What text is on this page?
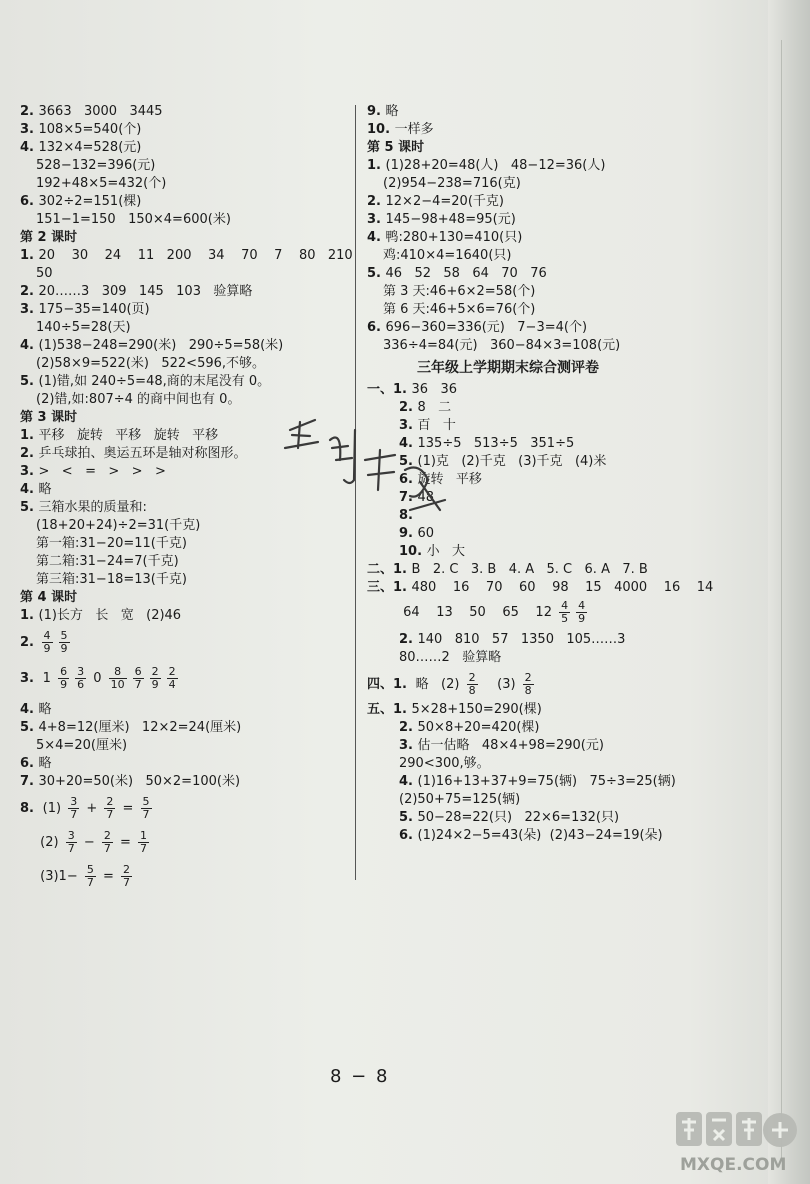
2. 3663   3000   3445
3. 108×5=540(个)
4. 132×4=528(元)
528−132=396(元)
192+48×5=432(个)
6. 302÷2=151(棵)
151−1=150   150×4=600(米)
第 2 课时
1. 20    30    24    11   200    34    70    7    80   210
50
2. 20……3   309   145   103   验算略
3. 175−35=140(页)
140÷5=28(天)
4. (1)538−248=290(米)   290÷5=58(米)
(2)58×9=522(米)   522<596,不够。
5. (1)错,如 240÷5=48,商的末尾没有 0。
(2)错,如:807÷4 的商中间也有 0。
第 3 课时
1. 平移   旋转   平移   旋转   平移
2. 乒乓球拍、奥运五环是轴对称图形。
3. >   <   =   >   >   >
4. 略
5. 三箱水果的质量和:
(18+20+24)÷2=31(千克)
第一箱:31−20=11(千克)
第二箱:31−24=7(千克)
第三箱:31−18=13(千克)
第 4 课时
1. (1)长方   长   宽   (2)46
2. $\frac{4}{9} \frac{5}{9}$
3.  $1 \frac{6}{9} \frac{3}{6} 0 \frac{8}{10} \frac{6}{7} \frac{2}{9} \frac{2}{4}$
4. 略
5. 4+8=12(厘米)   12×2=24(厘米)
5×4=20(厘米)
6. 略
7. 30+20=50(米)   50×2=100(米)
8.  $(1) \frac{3}{7} + \frac{2}{7} = \frac{5}{7}$
$(2) \frac{3}{7} - \frac{2}{7} = \frac{1}{7}$
$(3)1- \frac{5}{7} = \frac{2}{7}$
9. 略
10. 一样多
第 5 课时
1. (1)28+20=48(人)   48−12=36(人)
(2)954−238=716(克)
2. 12×2−4=20(千克)
3. 145−98+48=95(元)
4. 鸭:280+130=410(只)
鸡:410×4=1640(只)
5. 46   52   58   64   70   76
第 3 天:46+6×2=58(个)
第 6 天:46+5×6=76(个)
6. 696−360=336(元)   7−3=4(个)
336÷4=84(元)   360−84×3=108(元)
三年级上学期期末综合测评卷
一、1. 36   36
2. 8   二
3. 百   十
4. 135÷5   513÷5   351÷5
5. (1)克   (2)千克   (3)千克   (4)米
6. 旋转   平移
7. 48
8.
9. 60
10. 小   大
二、1. B   2. C   3. B   4. A   5. C   6. A   7. B
三、1. 480    16    70    60    98    15   4000    16    14
64    13    50    65    $12 \frac{4}{5} \frac{4}{9}$
2. 140   810   57   1350   105……3
80……2   验算略
四、1.  略   $(2) \frac{2}{8} (3) \frac{2}{8}$
五、1. 5×28+150=290(棵)
2. 50×8+20=420(棵)
3. 估一估略   48×4+98=290(元)
290<300,够。
4. (1)16+13+37+9=75(辆)   75÷3=25(辆)
(2)50+75=125(辆)
5. 50−28=22(只)   22×6=132(只)
6. (1)24×2−5=43(朵)  (2)43−24=19(朵)
8 − 8
MXQE.COM
